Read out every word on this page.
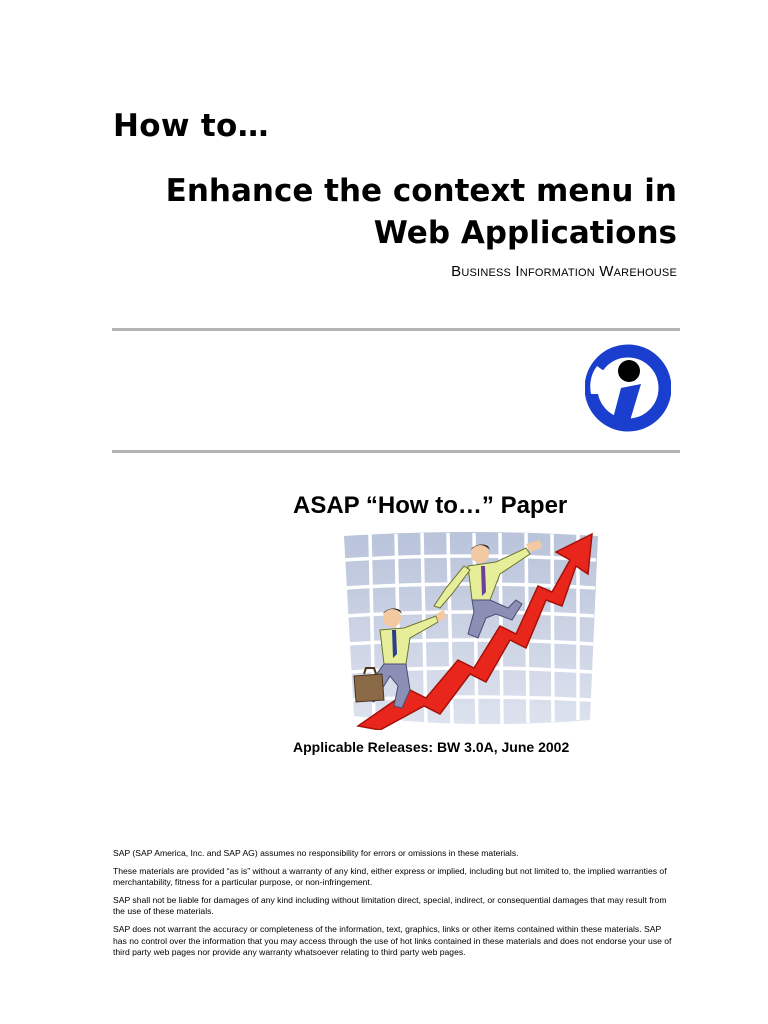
How to…
Enhance the context menu in
Web Applications
Business Information Warehouse
ASAP “How to…” Paper
Applicable Releases: BW 3.0A, June 2002

SAP (SAP America, Inc. and SAP AG) assumes no responsibility for errors or omissions in these materials.

These materials are provided “as is” without a warranty of any kind, either express or implied, including but not limited to, the implied warranties of merchantability, fitness for a particular purpose, or non-infringement.

SAP shall not be liable for damages of any kind including without limitation direct, special, indirect, or consequential damages that may result from the use of these materials.

SAP does not warrant the accuracy or completeness of the information, text, graphics, links or other items contained within these materials. SAP has no control over the information that you may access through the use of hot links contained in these materials and does not endorse your use of third party web pages nor provide any warranty whatsoever relating to third party web pages.
